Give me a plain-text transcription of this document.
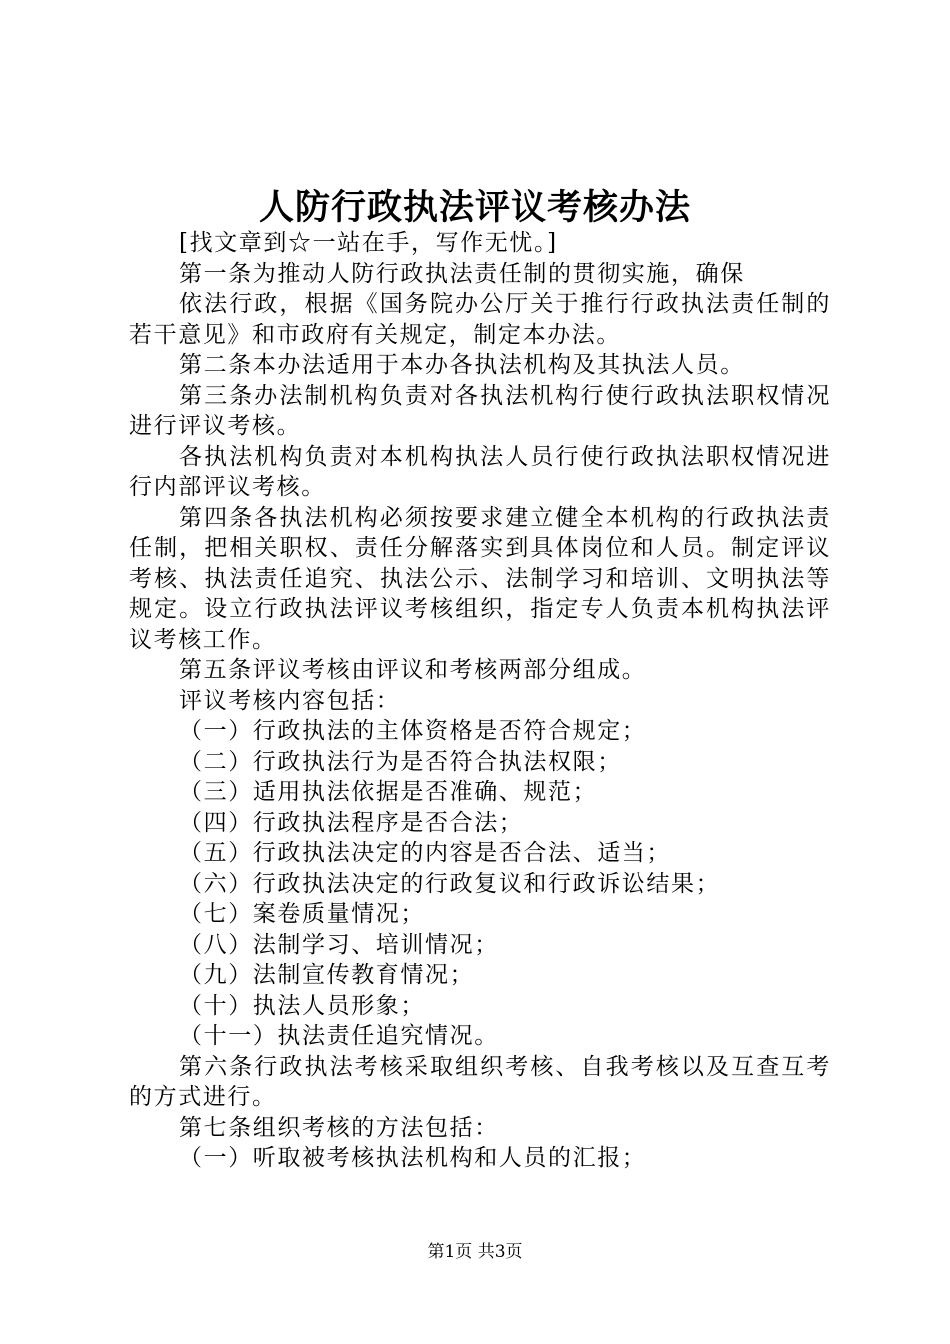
人防行政执法评议考核办法

[找文章到☆一站在手，写作无忧。]

第一条为推动人防行政执法责任制的贯彻实施，确保

依法行政，根据《国务院办公厅关于推行行政执法责任制的若干意见》和市政府有关规定，制定本办法。

第二条本办法适用于本办各执法机构及其执法人员。

第三条办法制机构负责对各执法机构行使行政执法职权情况进行评议考核。

各执法机构负责对本机构执法人员行使行政执法职权情况进行内部评议考核。

第四条各执法机构必须按要求建立健全本机构的行政执法责任制，把相关职权、责任分解落实到具体岗位和人员。制定评议考核、执法责任追究、执法公示、法制学习和培训、文明执法等规定。设立行政执法评议考核组织，指定专人负责本机构执法评议考核工作。

第五条评议考核由评议和考核两部分组成。

评议考核内容包括：

（一）行政执法的主体资格是否符合规定；

（二）行政执法行为是否符合执法权限；

（三）适用执法依据是否准确、规范；

（四）行政执法程序是否合法；

（五）行政执法决定的内容是否合法、适当；

（六）行政执法决定的行政复议和行政诉讼结果；

（七）案卷质量情况；

（八）法制学习、培训情况；

（九）法制宣传教育情况；

（十）执法人员形象；

（十一）执法责任追究情况。

第六条行政执法考核采取组织考核、自我考核以及互查互考的方式进行。

第七条组织考核的方法包括：

（一）听取被考核执法机构和人员的汇报；

第1页 共3页
